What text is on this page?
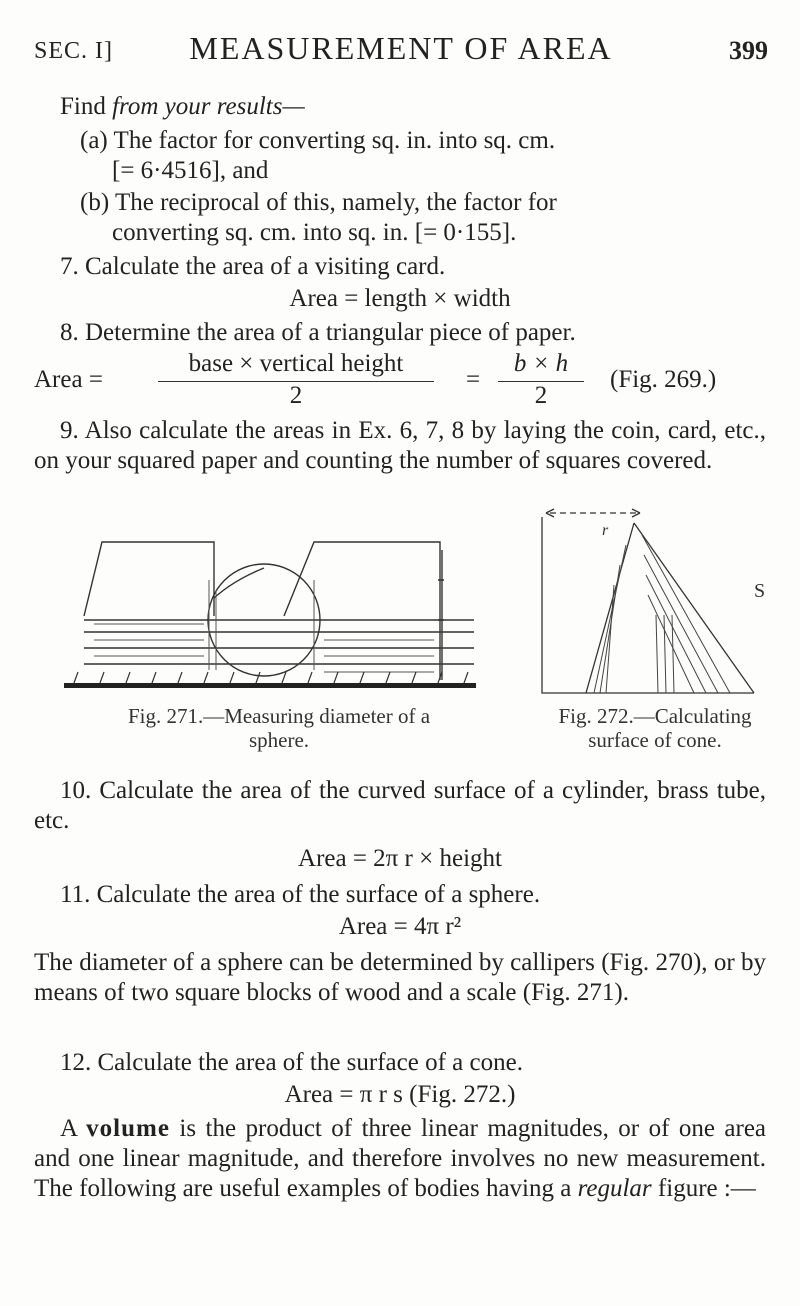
SEC. I]	MEASUREMENT OF AREA	399
Find from your results—
(a) The factor for converting sq. in. into sq. cm.
[= 6·4516], and
(b) The reciprocal of this, namely, the factor for
converting sq. cm. into sq. in. [= 0·155].
7. Calculate the area of a visiting card.
Area = length × width
8. Determine the area of a triangular piece of paper.
Area =
base × vertical height
2
=
b × h
2
(Fig. 269.)
9. Also calculate the areas in Ex. 6, 7, 8 by laying the coin, card, etc., on your squared paper and counting the number of squares covered.
r
S
Fig. 271.—Measuring diameter of a
sphere.
Fig. 272.—Calculating
surface of cone.
10. Calculate the area of the curved surface of a cylinder, brass tube, etc.
Area = 2π r × height
11. Calculate the area of the surface of a sphere.
Area = 4π r²
The diameter of a sphere can be determined by callipers (Fig. 270), or by means of two square blocks of wood and a scale (Fig. 271).
12. Calculate the area of the surface of a cone.
Area = π r s (Fig. 272.)
A volume is the product of three linear magnitudes, or of one area and one linear magnitude, and therefore involves no new measurement. The following are useful examples of bodies having a regular figure :—
